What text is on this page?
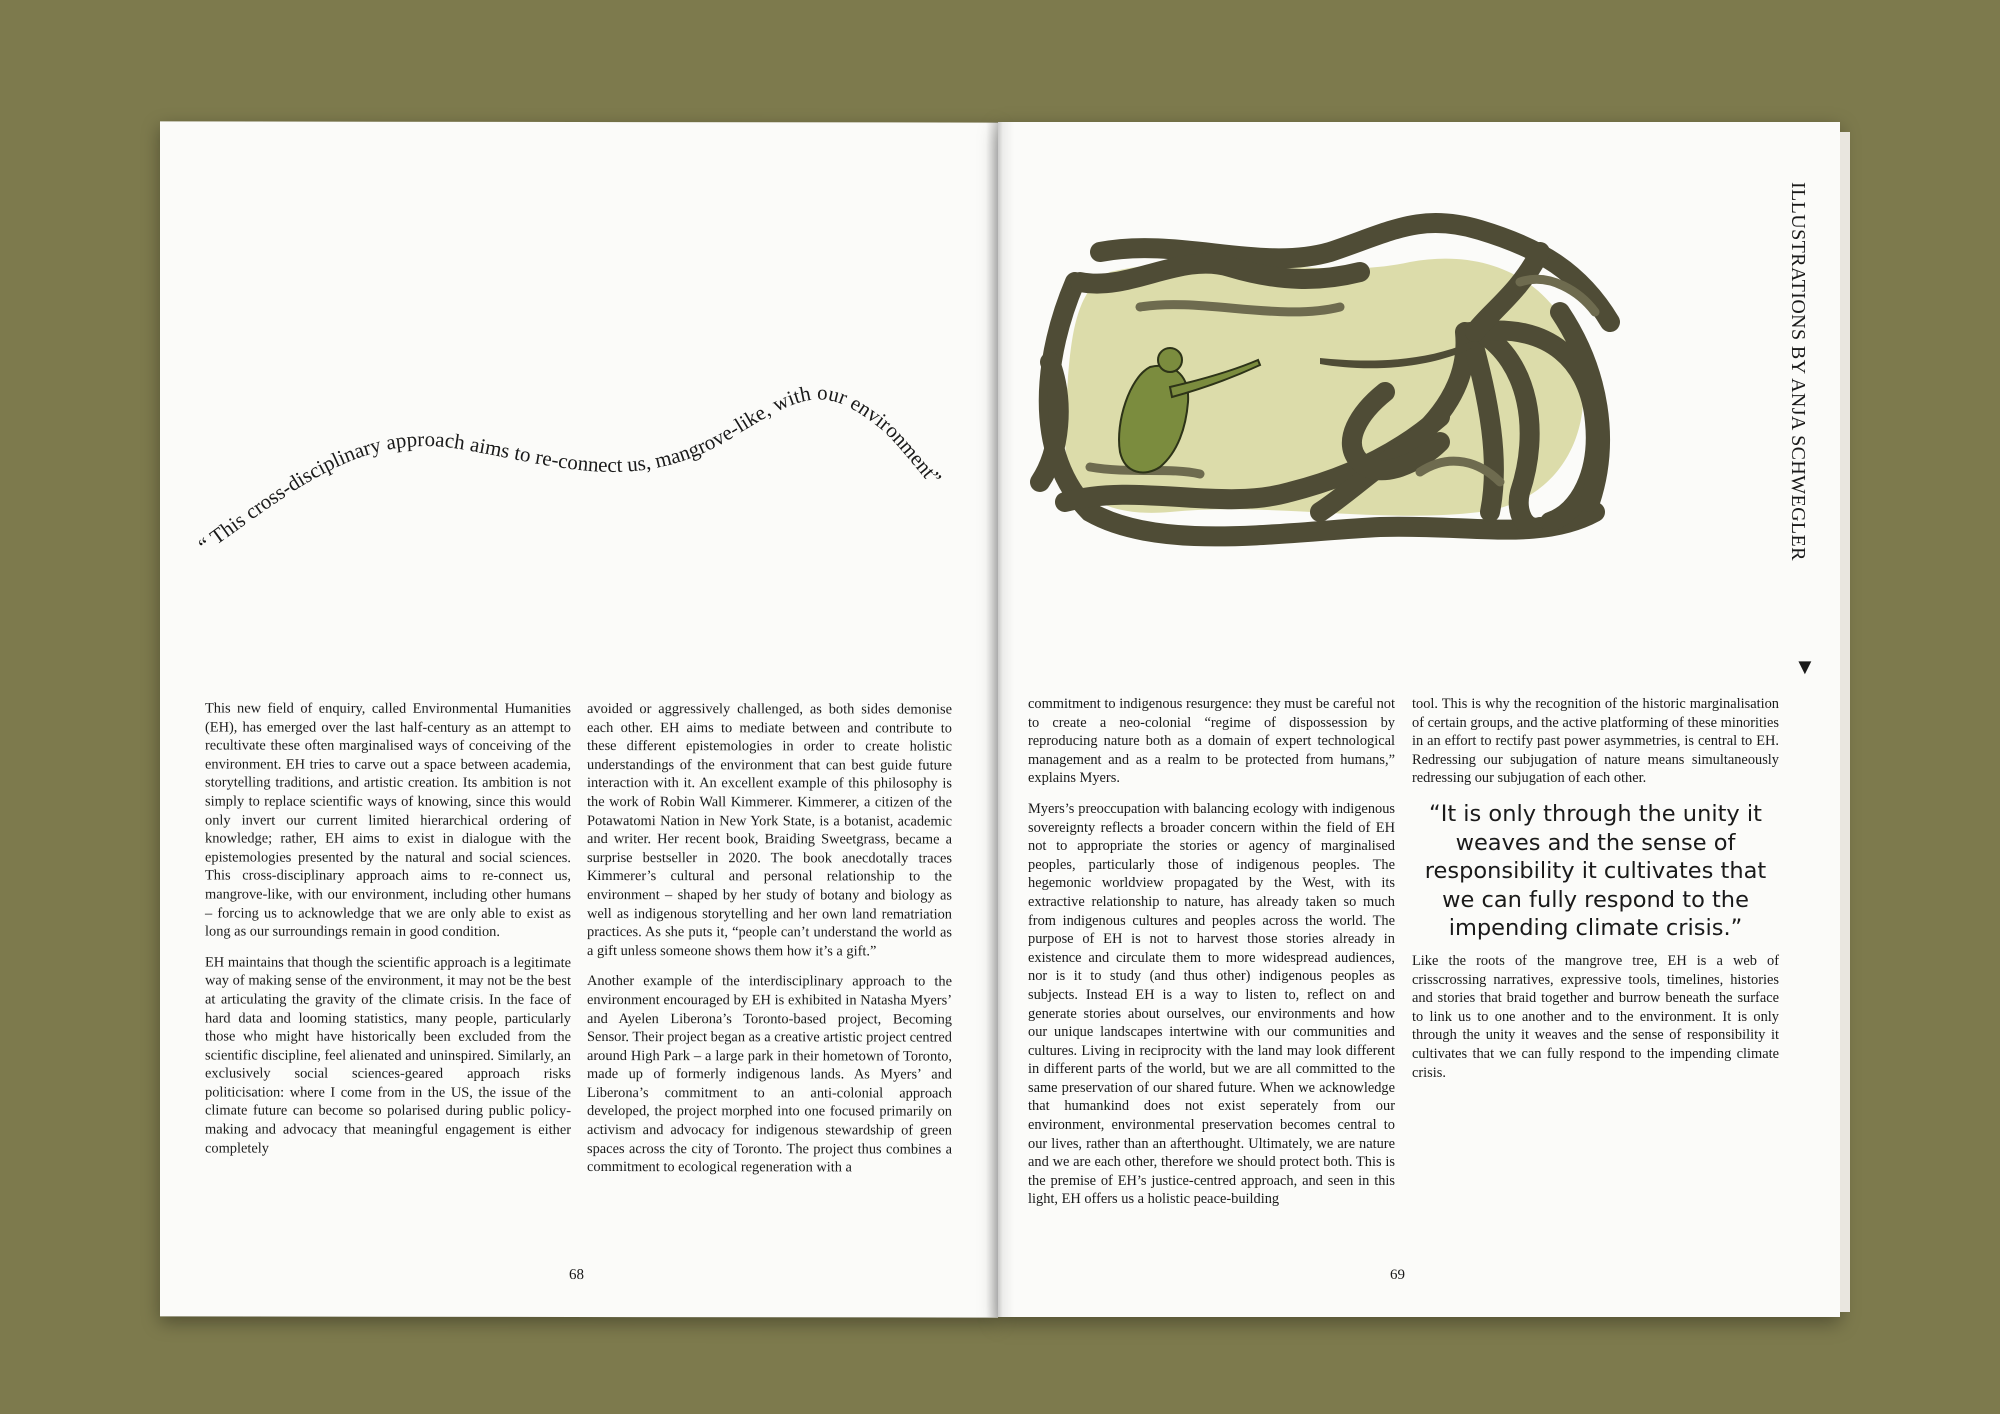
“ This cross-disciplinary approach aims to re-connect us, mangrove-like, with our environment”

This new field of enquiry, called Environmental Humanities (EH), has emerged over the last half-century as an attempt to recultivate these often marginalised ways of conceiving of the environment. EH tries to carve out a space between academia, storytelling traditions, and artistic creation. Its ambition is not simply to replace scientific ways of knowing, since this would only invert our current limited hierarchical ordering of knowledge; rather, EH aims to exist in dialogue with the epistemologies presented by the natural and social sciences. This cross-disciplinary approach aims to re-connect us, mangrove-like, with our environment, including other humans – forcing us to acknowledge that we are only able to exist as long as our surroundings remain in good condition.

EH maintains that though the scientific approach is a legitimate way of making sense of the environment, it may not be the best at articulating the gravity of the climate crisis. In the face of hard data and looming statistics, many people, particularly those who might have historically been excluded from the scientific discipline, feel alienated and uninspired. Similarly, an exclusively social sciences-geared approach risks politicisation: where I come from in the US, the issue of the climate future can become so polarised during public policy-making and advocacy that meaningful engagement is either completely

avoided or aggressively challenged, as both sides demonise each other. EH aims to mediate between and contribute to these different epistemologies in order to create holistic understandings of the environment that can best guide future interaction with it. An excellent example of this philosophy is the work of Robin Wall Kimmerer. Kimmerer, a citizen of the Potawatomi Nation in New York State, is a botanist, academic and writer. Her recent book, Braiding Sweetgrass, became a surprise bestseller in 2020. The book anecdotally traces Kimmerer’s cultural and personal relationship to the environment – shaped by her study of botany and biology as well as indigenous storytelling and her own land rematriation practices. As she puts it, “people can’t understand the world as a gift unless someone shows them how it’s a gift.”

Another example of the interdisciplinary approach to the environment encouraged by EH is exhibited in Natasha Myers’ and Ayelen Liberona’s Toronto-based project, Becoming Sensor. Their project began as a creative artistic project centred around High Park – a large park in their hometown of Toronto, made up of formerly indigenous lands. As Myers’ and Liberona’s commitment to an anti-colonial approach developed, the project morphed into one focused primarily on activism and advocacy for indigenous stewardship of green spaces across the city of Toronto. The project thus combines a commitment to ecological regeneration with a

68
ILLUSTRATIONS BY ANJA SCHWEGLER
▼

commitment to indigenous resurgence: they must be careful not to create a neo-colonial “regime of dispossession by reproducing nature both as a domain of expert technological management and as a realm to be protected from humans,” explains Myers.

Myers’s preoccupation with balancing ecology with indigenous sovereignty reflects a broader concern within the field of EH not to appropriate the stories or agency of marginalised peoples, particularly those of indigenous peoples. The hegemonic worldview propagated by the West, with its extractive relationship to nature, has already taken so much from indigenous cultures and peoples across the world. The purpose of EH is not to harvest those stories already in existence and circulate them to more widespread audiences, nor is it to study (and thus other) indigenous peoples as subjects. Instead EH is a way to listen to, reflect on and generate stories about ourselves, our environments and how our unique landscapes intertwine with our communities and cultures. Living in reciprocity with the land may look different in different parts of the world, but we are all committed to the same preservation of our shared future. When we acknowledge that humankind does not exist seperately from our environment, environmental preservation becomes central to our lives, rather than an afterthought. Ultimately, we are nature and we are each other, therefore we should protect both. This is the premise of EH’s justice-centred approach, and seen in this light, EH offers us a holistic peace-building

tool. This is why the recognition of the historic marginalisation of certain groups, and the active platforming of these minorities in an effort to rectify past power asymmetries, is central to EH. Redressing our subjugation of nature means simultaneously redressing our subjugation of each other.

“It is only through the unity it weaves and the sense of responsibility it cultivates that we can fully respond to the impending climate crisis.”

Like the roots of the mangrove tree, EH is a web of crisscrossing narratives, expressive tools, timelines, histories and stories that braid together and burrow beneath the surface to link us to one another and to the environment. It is only through the unity it weaves and the sense of responsibility it cultivates that we can fully respond to the impending climate crisis.

69
